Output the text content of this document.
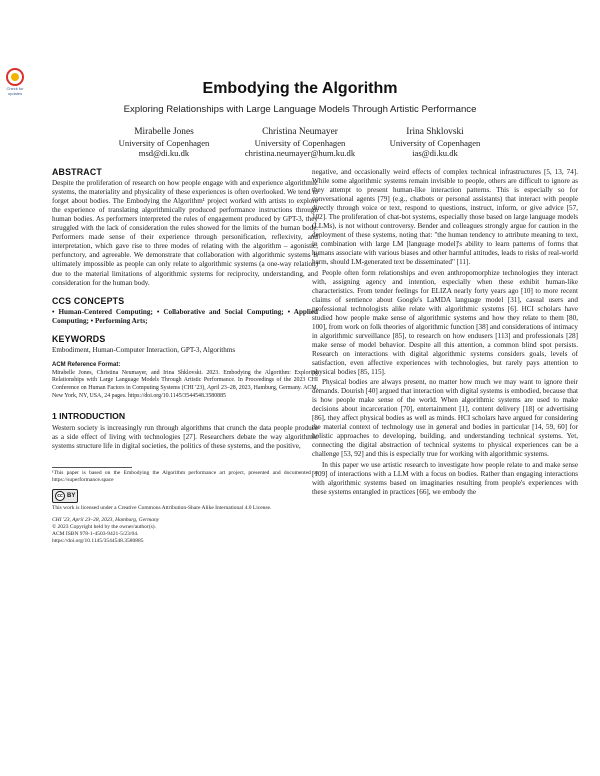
Check for updates	Embodying the Algorithm
Exploring Relationships with Large Language Models Through Artistic Performance
Mirabelle Jones
University of Copenhagen
msd@di.ku.dk
Christina Neumayer
University of Copenhagen
christina.neumayer@hum.ku.dk
Irina Shklovski
University of Copenhagen
ias@di.ku.dk
ABSTRACT

Despite the proliferation of research on how people engage with and experience algorithmic systems, the materiality and physicality of these experiences is often overlooked. We tend to forget about bodies. The Embodying the Algorithm¹ project worked with artists to explore the experience of translating algorithmically produced performance instructions through human bodies. As performers interpreted the rules of engagement produced by GPT-3, they struggled with the lack of consideration the rules showed for the limits of the human body. Performers made sense of their experience through personification, reflexivity, and interpretation, which gave rise to three modes of relating with the algorithm – agonistic, perfunctory, and agreeable. We demonstrate that collaboration with algorithmic systems is ultimately impossible as people can only relate to algorithmic systems (a one-way relation) due to the material limitations of algorithmic systems for reciprocity, understanding, and consideration for the human body.

CCS CONCEPTS

• Human-Centered Computing; • Collaborative and Social Computing; • Applied Computing; • Performing Arts;

KEYWORDS

Embodiment, Human-Computer Interaction, GPT-3, Algorithms

ACM Reference Format:

Mirabelle Jones, Christina Neumayer, and Irina Shklovski. 2023. Embodying the Algorithm: Exploring Relationships with Large Language Models Through Artistic Performance. In Proceedings of the 2023 CHI Conference on Human Factors in Computing Systems (CHI '23), April 23–28, 2023, Hamburg, Germany. ACM, New York, NY, USA, 24 pages. https://doi.org/10.1145/3544548.3580885

1 INTRODUCTION

Western society is increasingly run through algorithms that crunch the data people produce as a side effect of living with technologies [27]. Researchers debate the way algorithmic systems structure life in digital societies, the politics of these systems, and the positive,

¹This paper is based on the Embodying the Algorithm performance art project, presented and documented at https://superformance.space

cc BY

This work is licensed under a Creative Commons Attribution-Share Alike International 4.0 License.

CHI '23, April 23–28, 2023, Hamburg, Germany
© 2023 Copyright held by the owner/author(s).
ACM ISBN 978-1-4503-9421-5/23/04.
https://doi.org/10.1145/3544548.3580885

negative, and occasionally weird effects of complex technical infrastructures [5, 13, 74]. While some algorithmic systems remain invisible to people, others are difficult to ignore as they attempt to present human-like interaction patterns. This is especially so for conversational agents [79] (e.g., chatbots or personal assistants) that interact with people directly through voice or text, respond to questions, instruct, inform, or give advice [57, 102]. The proliferation of chat-bot systems, especially those based on large language models (LLMs), is not without controversy. Bender and colleagues strongly argue for caution in the deployment of these systems, noting that: "the human tendency to attribute meaning to text, in combination with large LM [language model]'s ability to learn patterns of forms that humans associate with various biases and other harmful attitudes, leads to risks of real-world harm, should LM-generated text be disseminated" [11].

People often form relationships and even anthropomorphize technologies they interact with, assigning agency and intention, especially when these exhibit human-like characteristics. From tender feelings for ELIZA nearly forty years ago [10] to more recent claims of sentience about Google's LaMDA language model [31], casual users and professional technologists alike relate with algorithmic systems [6]. HCI scholars have studied how people make sense of algorithmic systems and how they relate to them [80, 100], from work on folk theories of algorithmic function [38] and considerations of intimacy in algorithmic surveillance [85], to research on how endusers [113] and professionals [28] make sense of model behavior. Despite all this attention, a common blind spot persists. Research on interactions with digital algorithmic systems considers goals, levels of satisfaction, even affective experiences with technologies, but rarely pays attention to physical bodies [85, 115].

Physical bodies are always present, no matter how much we may want to ignore their demands. Dourish [40] argued that interaction with digital systems is embodied, because that is how people make sense of the world. When algorithmic systems are used to make decisions about incarceration [70], entertainment [1], content delivery [18] or advertising [86], they affect physical bodies as well as minds. HCI scholars have argued for considering the material context of technology use in general and bodies in particular [14, 59, 60] for holistic approaches to developing, building, and understanding technical systems. Yet, connecting the digital abstraction of technical systems to physical experiences can be a challenge [53, 92] and this is especially true for working with algorithmic systems.

In this paper we use artistic research to investigate how people relate to and make sense [109] of interactions with a LLM with a focus on bodies. Rather than engaging interactions with algorithmic systems based on imaginaries resulting from people's experiences with these systems entangled in practices [66], we embody the
